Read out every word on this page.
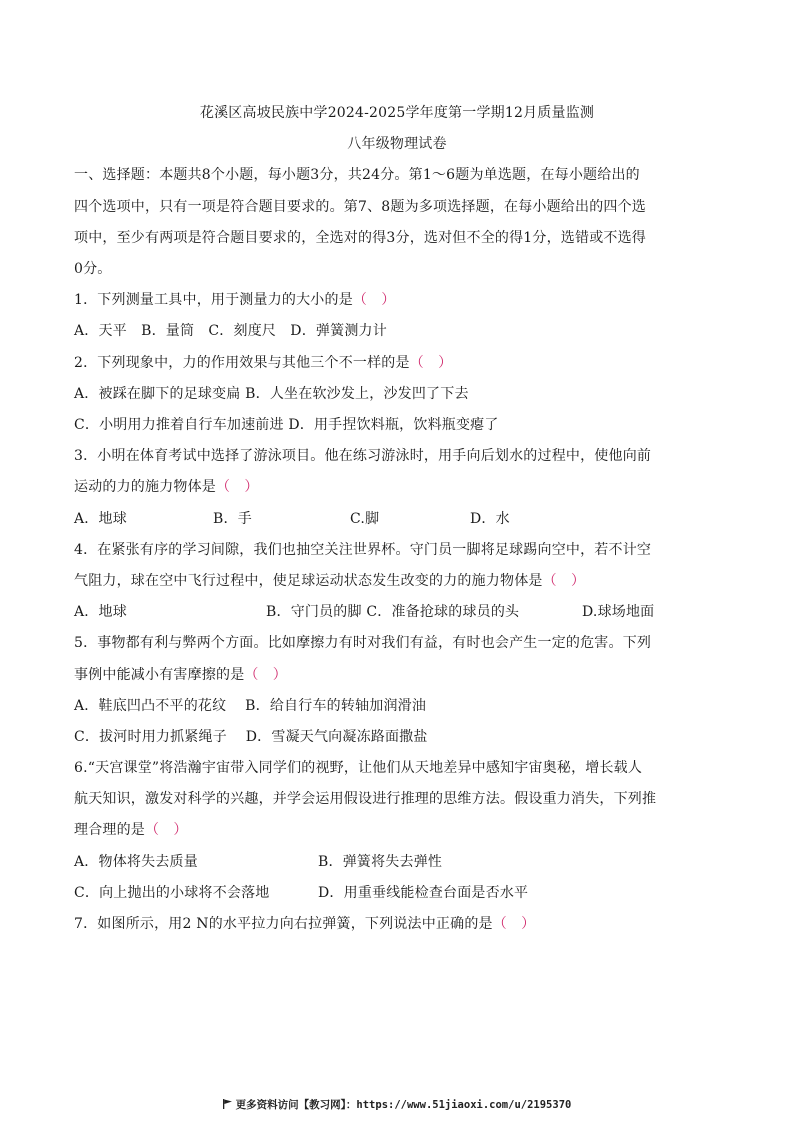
花溪区高坡民族中学2024-2025学年度第一学期12月质量监测
八年级物理试卷
一、选择题：本题共8个小题，每小题3分，共24分。第1～6题为单选题，在每小题给出的
四个选项中，只有一项是符合题目要求的。第7、8题为多项选择题，在每小题给出的四个选
项中，至少有两项是符合题目要求的，全选对的得3分，选对但不全的得1分，选错或不选得
0分。
1．下列测量工具中，用于测量力的大小的是（　）
A．天平　B．量筒　C．刻度尺　D．弹簧测力计
2．下列现象中，力的作用效果与其他三个不一样的是（　）
A．被踩在脚下的足球变扁 B．人坐在软沙发上，沙发凹了下去
C．小明用力推着自行车加速前进 D．用手捏饮料瓶，饮料瓶变瘪了
3．小明在体育考试中选择了游泳项目。他在练习游泳时，用手向后划水的过程中，使他向前
运动的力的施力物体是（　）
A．地球	B．手	C.脚	D．水
4．在紧张有序的学习间隙，我们也抽空关注世界杯。守门员一脚将足球踢向空中，若不计空
气阻力，球在空中飞行过程中，使足球运动状态发生改变的力的施力物体是（　）
A．地球	B．守门员的脚 C．准备抢球的球员的头	D.球场地面
5．事物都有利与弊两个方面。比如摩擦力有时对我们有益，有时也会产生一定的危害。下列
事例中能减小有害摩擦的是（　）
A．鞋底凹凸不平的花纹　 B．给自行车的转轴加润滑油
C．拔河时用力抓紧绳子　 D．雪凝天气向凝冻路面撒盐
6.“天宫课堂”将浩瀚宇宙带入同学们的视野，让他们从天地差异中感知宇宙奥秘，增长载人
航天知识，激发对科学的兴趣，并学会运用假设进行推理的思维方法。假设重力消失，下列推
理合理的是（　）
A．物体将失去质量	B．弹簧将失去弹性
C．向上抛出的小球将不会落地	D．用重垂线能检查台面是否水平
7．如图所示，用2 N的水平拉力向右拉弹簧，下列说法中正确的是（　）
更多资料访问【教习网】：https://www.51jiaoxi.com/u/2195370
